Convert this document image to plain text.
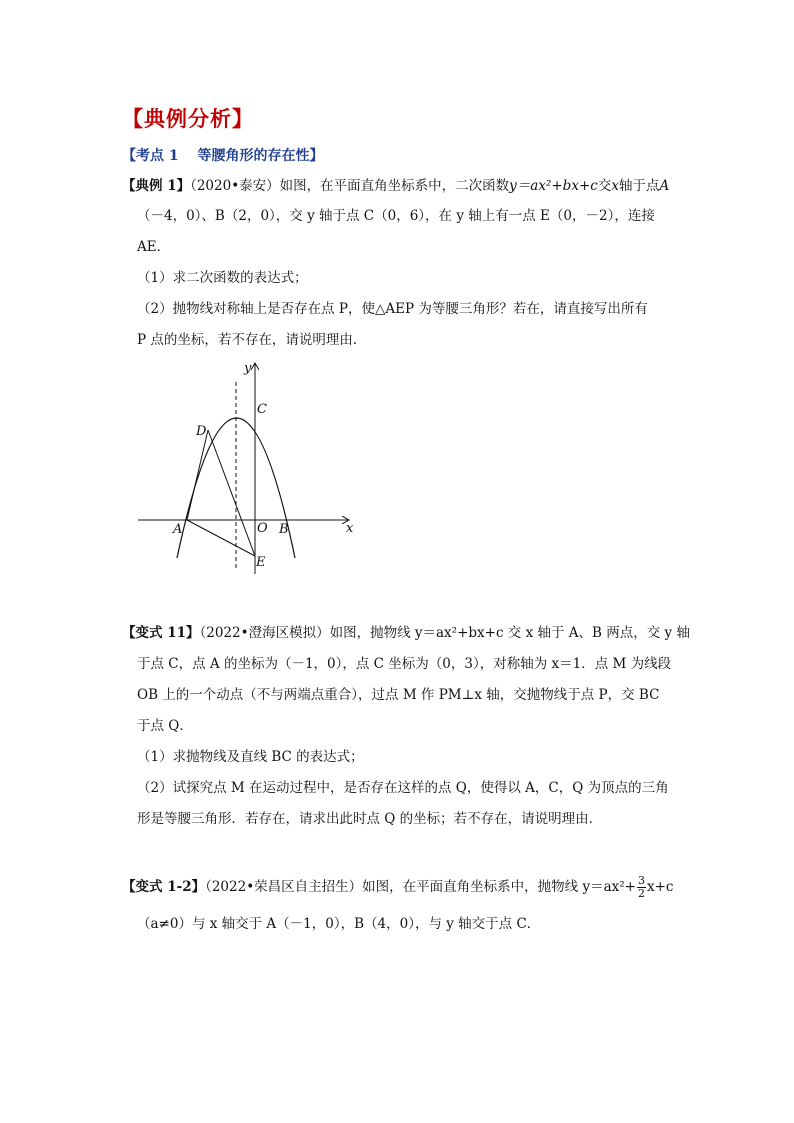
【典例分析】
【考点 1 等腰角形的存在性】
【典例 1】（2020•泰安）如图，在平面直角坐标系中，二次函数y＝ax²+bx+c交x轴于点A
（－4，0）、B（2，0），交 y 轴于点 C（0，6），在 y 轴上有一点 E（0，－2），连接
AE．
（1）求二次函数的表达式；
（2）抛物线对称轴上是否存在点 P，使△AEP 为等腰三角形？若在，请直接写出所有
P 点的坐标，若不存在，请说明理由．
y
x
O
A	B
C
D
E
【变式 11】（2022•澄海区模拟）如图，抛物线 y＝ax²+bx+c 交 x 轴于 A、B 两点，交 y 轴
于点 C，点 A 的坐标为（－1，0），点 C 坐标为（0，3），对称轴为 x＝1．点 M 为线段
OB 上的一个动点（不与两端点重合），过点 M 作 PM⊥x 轴，交抛物线于点 P，交 BC
于点 Q．
（1）求抛物线及直线 BC 的表达式；
（2）试探究点 M 在运动过程中，是否存在这样的点 Q，使得以 A，C，Q 为顶点的三角
形是等腰三角形．若存在，请求出此时点 Q 的坐标；若不存在，请说明理由．
【变式 1-2】（2022•荣昌区自主招生）如图，在平面直角坐标系中，抛物线 $y=ax^2+ \frac{3}{2} x+c$
（a≠0）与 x 轴交于 A（－1，0），B（4，0），与 y 轴交于点 C．
